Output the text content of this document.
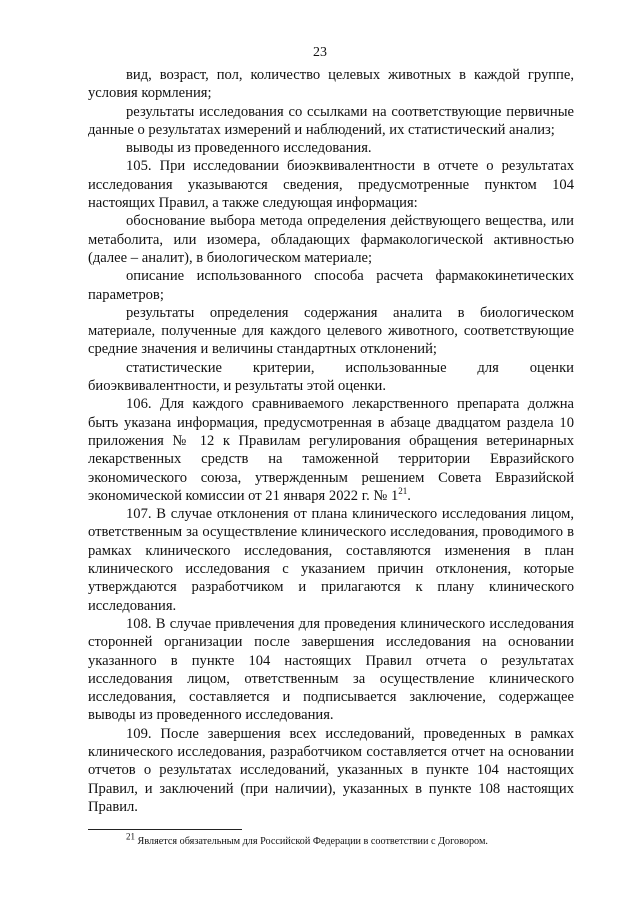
23

вид, возраст, пол, количество целевых животных в каждой группе, условия кормления;

результаты исследования со ссылками на соответствующие первичные данные о результатах измерений и наблюдений, их статистический анализ;

выводы из проведенного исследования.

105. При исследовании биоэквивалентности в отчете о результатах исследования указываются сведения, предусмотренные пунктом 104 настоящих Правил, а также следующая информация:

обоснование выбора метода определения действующего вещества, или метаболита, или изомера, обладающих фармакологической активностью (далее – аналит), в биологическом материале;

описание использованного способа расчета фармакокинетических параметров;

результаты определения содержания аналита в биологическом материале, полученные для каждого целевого животного, соответствующие средние значения и величины стандартных отклонений;

статистические критерии, использованные для оценки биоэквивалентности, и результаты этой оценки.

106. Для каждого сравниваемого лекарственного препарата должна быть указана информация, предусмотренная в абзаце двадцатом раздела 10 приложения № 12 к Правилам регулирования обращения ветеринарных лекарственных средств на таможенной территории Евразийского экономического союза, утвержденным решением Совета Евразийской экономической комиссии от 21 января 2022 г. № $1^{21}$.

107. В случае отклонения от плана клинического исследования лицом, ответственным за осуществление клинического исследования, проводимого в рамках клинического исследования, составляются изменения в план клинического исследования с указанием причин отклонения, которые утверждаются разработчиком и прилагаются к плану клинического исследования.

108. В случае привлечения для проведения клинического исследования сторонней организации после завершения исследования на основании указанного в пункте 104 настоящих Правил отчета о результатах исследования лицом, ответственным за осуществление клинического исследования, составляется и подписывается заключение, содержащее выводы из проведенного исследования.

109. После завершения всех исследований, проведенных в рамках клинического исследования, разработчиком составляется отчет на основании отчетов о результатах исследований, указанных в пункте 104 настоящих Правил, и заключений (при наличии), указанных в пункте 108 настоящих Правил.

$^{21}$ Является обязательным для Российской Федерации в соответствии с Договором.
